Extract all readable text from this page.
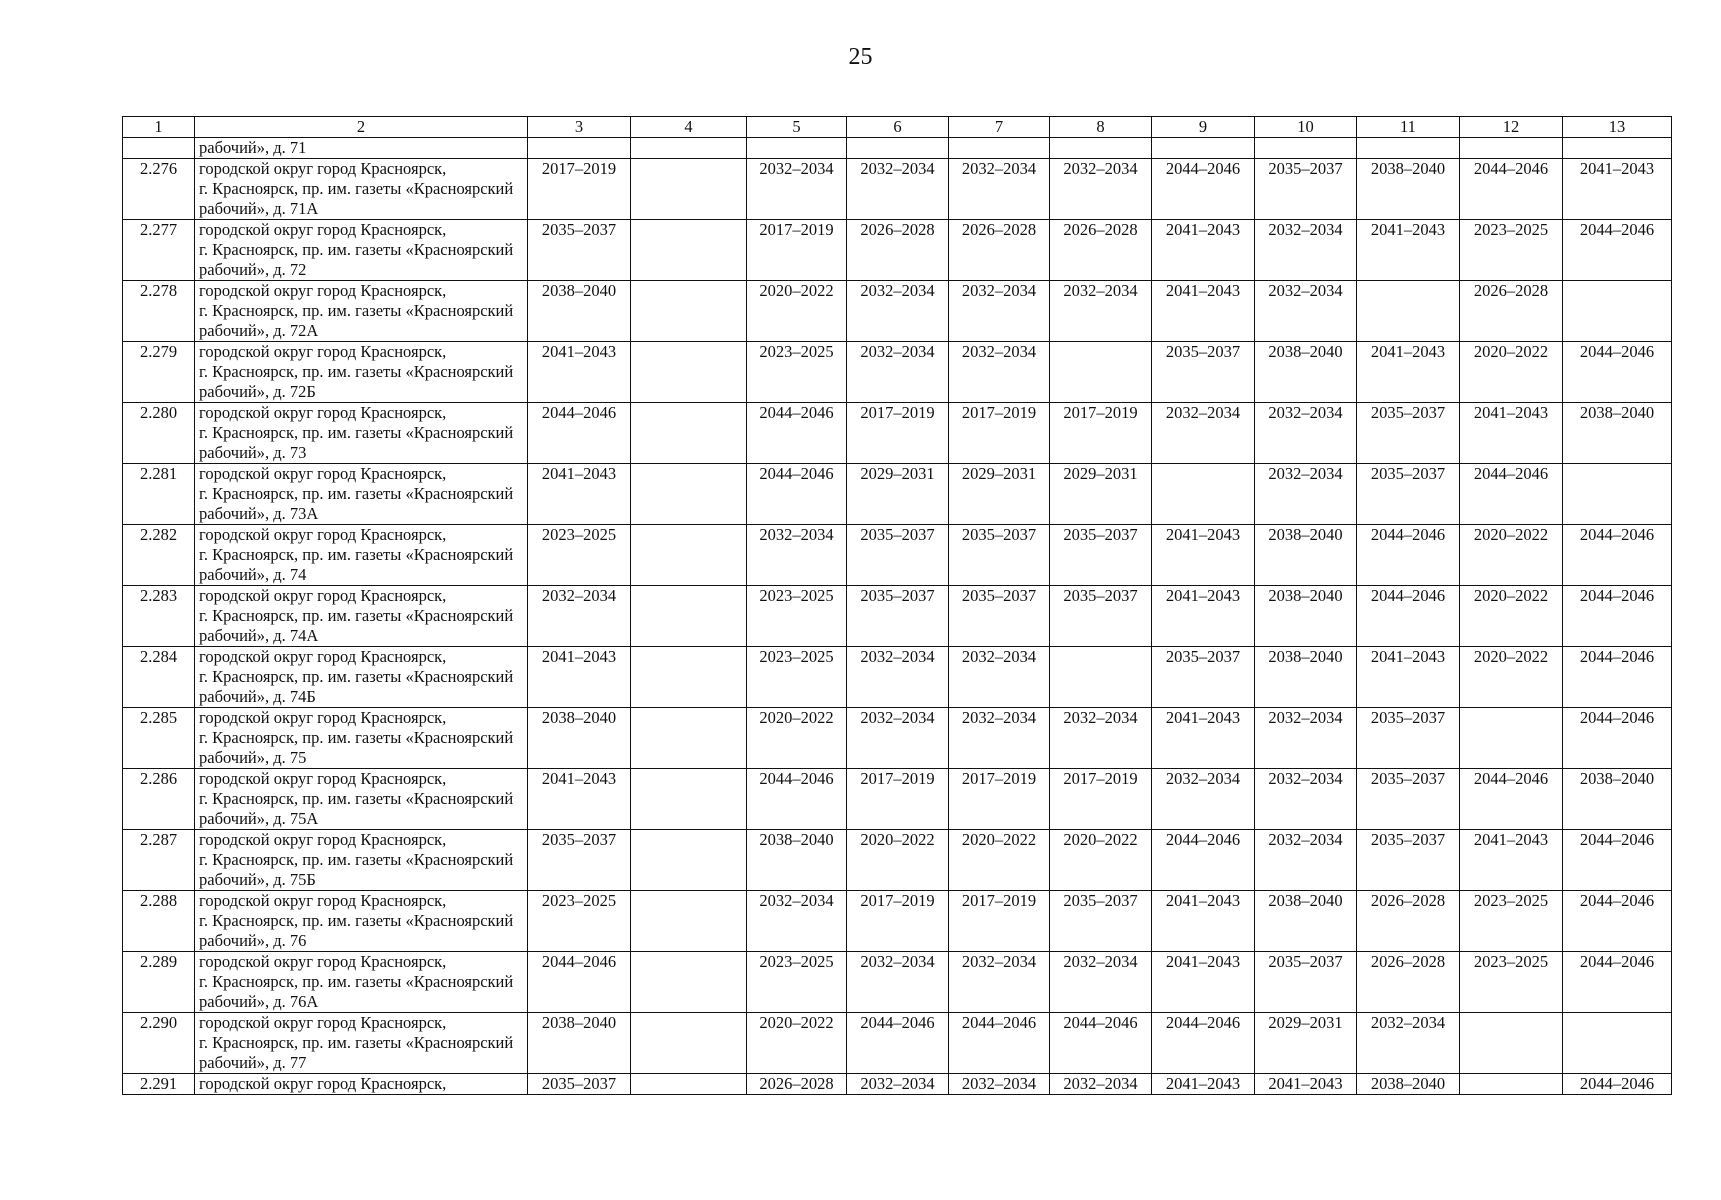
25
1	2	3	4	5	6	7	8	9	10	11	12	13

	рабочий», д. 71											

2.276	городской округ город Красноярск,
г. Красноярск, пр. им. газеты «Красноярский
рабочий», д. 71А	2017–2019		2032–2034	2032–2034	2032–2034	2032–2034	2044–2046	2035–2037	2038–2040	2044–2046	2041–2043
2.277	городской округ город Красноярск,
г. Красноярск, пр. им. газеты «Красноярский
рабочий», д. 72	2035–2037		2017–2019	2026–2028	2026–2028	2026–2028	2041–2043	2032–2034	2041–2043	2023–2025	2044–2046
2.278	городской округ город Красноярск,
г. Красноярск, пр. им. газеты «Красноярский
рабочий», д. 72А	2038–2040		2020–2022	2032–2034	2032–2034	2032–2034	2041–2043	2032–2034		2026–2028	
2.279	городской округ город Красноярск,
г. Красноярск, пр. им. газеты «Красноярский
рабочий», д. 72Б	2041–2043		2023–2025	2032–2034	2032–2034		2035–2037	2038–2040	2041–2043	2020–2022	2044–2046
2.280	городской округ город Красноярск,
г. Красноярск, пр. им. газеты «Красноярский
рабочий», д. 73	2044–2046		2044–2046	2017–2019	2017–2019	2017–2019	2032–2034	2032–2034	2035–2037	2041–2043	2038–2040
2.281	городской округ город Красноярск,
г. Красноярск, пр. им. газеты «Красноярский
рабочий», д. 73А	2041–2043		2044–2046	2029–2031	2029–2031	2029–2031		2032–2034	2035–2037	2044–2046	
2.282	городской округ город Красноярск,
г. Красноярск, пр. им. газеты «Красноярский
рабочий», д. 74	2023–2025		2032–2034	2035–2037	2035–2037	2035–2037	2041–2043	2038–2040	2044–2046	2020–2022	2044–2046
2.283	городской округ город Красноярск,
г. Красноярск, пр. им. газеты «Красноярский
рабочий», д. 74А	2032–2034		2023–2025	2035–2037	2035–2037	2035–2037	2041–2043	2038–2040	2044–2046	2020–2022	2044–2046
2.284	городской округ город Красноярск,
г. Красноярск, пр. им. газеты «Красноярский
рабочий», д. 74Б	2041–2043		2023–2025	2032–2034	2032–2034		2035–2037	2038–2040	2041–2043	2020–2022	2044–2046
2.285	городской округ город Красноярск,
г. Красноярск, пр. им. газеты «Красноярский
рабочий», д. 75	2038–2040		2020–2022	2032–2034	2032–2034	2032–2034	2041–2043	2032–2034	2035–2037		2044–2046
2.286	городской округ город Красноярск,
г. Красноярск, пр. им. газеты «Красноярский
рабочий», д. 75А	2041–2043		2044–2046	2017–2019	2017–2019	2017–2019	2032–2034	2032–2034	2035–2037	2044–2046	2038–2040
2.287	городской округ город Красноярск,
г. Красноярск, пр. им. газеты «Красноярский
рабочий», д. 75Б	2035–2037		2038–2040	2020–2022	2020–2022	2020–2022	2044–2046	2032–2034	2035–2037	2041–2043	2044–2046
2.288	городской округ город Красноярск,
г. Красноярск, пр. им. газеты «Красноярский
рабочий», д. 76	2023–2025		2032–2034	2017–2019	2017–2019	2035–2037	2041–2043	2038–2040	2026–2028	2023–2025	2044–2046
2.289	городской округ город Красноярск,
г. Красноярск, пр. им. газеты «Красноярский
рабочий», д. 76А	2044–2046		2023–2025	2032–2034	2032–2034	2032–2034	2041–2043	2035–2037	2026–2028	2023–2025	2044–2046
2.290	городской округ город Красноярск,
г. Красноярск, пр. им. газеты «Красноярский
рабочий», д. 77	2038–2040		2020–2022	2044–2046	2044–2046	2044–2046	2044–2046	2029–2031	2032–2034		
2.291	городской округ город Красноярск,	2035–2037		2026–2028	2032–2034	2032–2034	2032–2034	2041–2043	2041–2043	2038–2040		2044–2046
